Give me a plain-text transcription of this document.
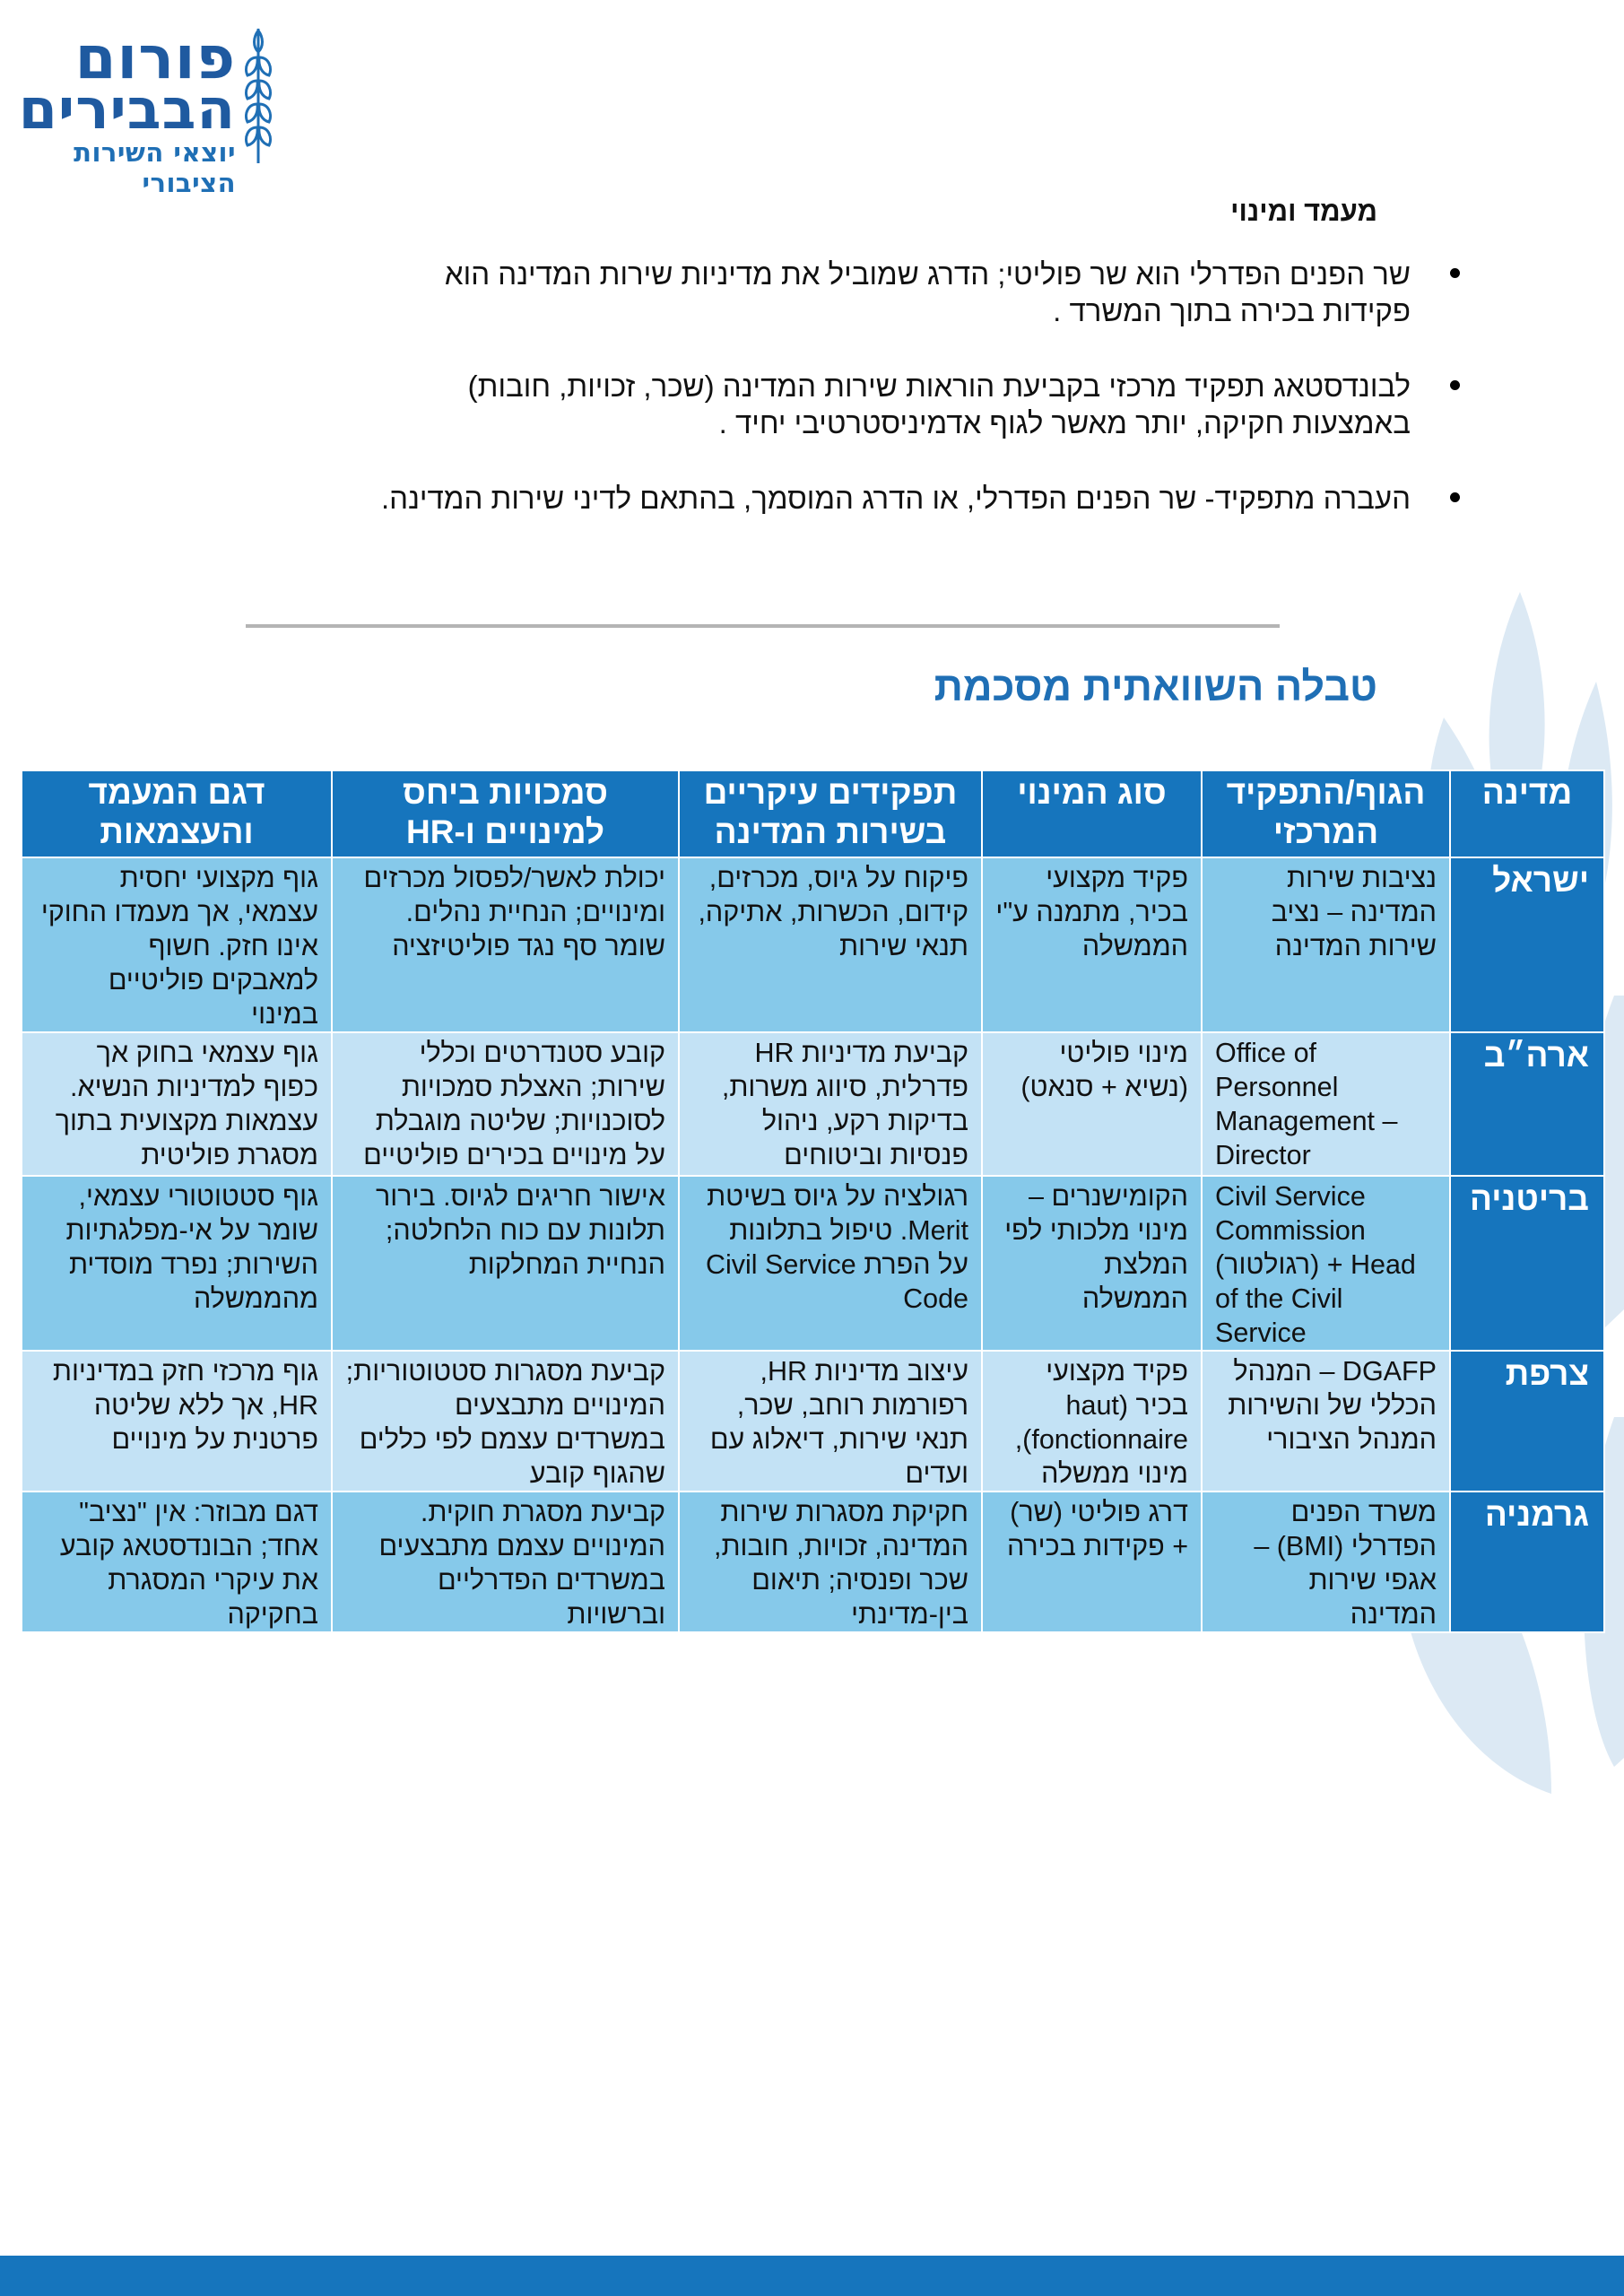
פורום
הבבירים
יוצאי השירות הציבורי
מעמד ומינוי
שר הפנים הפדרלי הוא שר פוליטי; הדרג שמוביל את מדיניות שירות המדינה הוא פקידות בכירה בתוך המשרד .
לבונדסטאג תפקיד מרכזי בקביעת הוראות שירות המדינה (שכר, זכויות, חובות) באמצעות חקיקה, יותר מאשר לגוף אדמיניסטרטיבי יחיד .
העברה מתפקיד- שר הפנים הפדרלי, או הדרג המוסמך, בהתאם לדיני שירות המדינה.
טבלה השוואתית מסכמת
מדינה	הגוף/התפקיד המרכזי	סוג המינוי	תפקידים עיקריים בשירות המדינה	סמכויות ביחס למינויים ו-HR	דגם המעמד והעצמאות
ישראל	נציבות שירות המדינה – נציב שירות המדינה	פקיד מקצועי בכיר, מתמנה ע"י הממשלה	פיקוח על גיוס, מכרזים, קידום, הכשרות, אתיקה, תנאי שירות	יכולת לאשר/לפסול מכרזים ומינויים; הנחיית נהלים. שומר סף נגד פוליטיזציה	גוף מקצועי יחסית עצמאי, אך מעמדו החוקי אינו חזק. חשוף למאבקים פוליטיים במינוי
ארה״ב	Office of Personnel Management – Director	מינוי פוליטי (נשיא + סנאט)	קביעת מדיניות HR פדרלית, סיווג משרות, בדיקות רקע, ניהול פנסיות וביטוחים	קובע סטנדרטים וכללי שירות; האצלת סמכויות לסוכנויות; שליטה מוגבלת על מינויים בכירים פוליטיים	גוף עצמאי בחוק אך כפוף למדיניות הנשיא. עצמאות מקצועית בתוך מסגרת פוליטית
בריטניה	Civil Service Commission (רגולטור) + Head of the Civil Service	הקומישנרים – מינוי מלכותי לפי המלצת הממשלה	רגולציה על גיוס בשיטת Merit. טיפול בתלונות על הפרת Civil Service Code	אישור חריגים לגיוס. בירור תלונות עם כוח הלחלטה; הנחיית המחלקות	גוף סטטוטורי עצמאי, שומר על אי-מפלגתיות השירות; נפרד מוסדית מהממשלה
צרפת	DGAFP – המנהל הכללי של והשירות המנהל הציבורי	פקיד מקצועי בכיר (haut fonctionnaire), מינוי ממשלה	עיצוב מדיניות HR, רפורמות רוחב, שכר, תנאי שירות, דיאלוג עם ועדים	קביעת מסגרות סטטוטוריות; המינויים מתבצעים במשרדים עצמם לפי כללים שהגוף קובע	גוף מרכזי חזק במדיניות HR, אך ללא שליטה פרטנית על מינויים
גרמניה	משרד הפנים הפדרלי (BMI) – אגפי שירות המדינה	דרג פוליטי (שר) + פקידות בכירה	חקיקת מסגרות שירות המדינה, זכויות, חובות, שכר ופנסיה; תיאום בין-מדינתי	קביעת מסגרת חוקית. המינויים עצמם מתבצעים במשרדים הפדרליים וברשויות	דגם מבוזר: אין "נציב" אחד; הבונדסטאג קובע את עיקרי המסגרת בחקיקה
